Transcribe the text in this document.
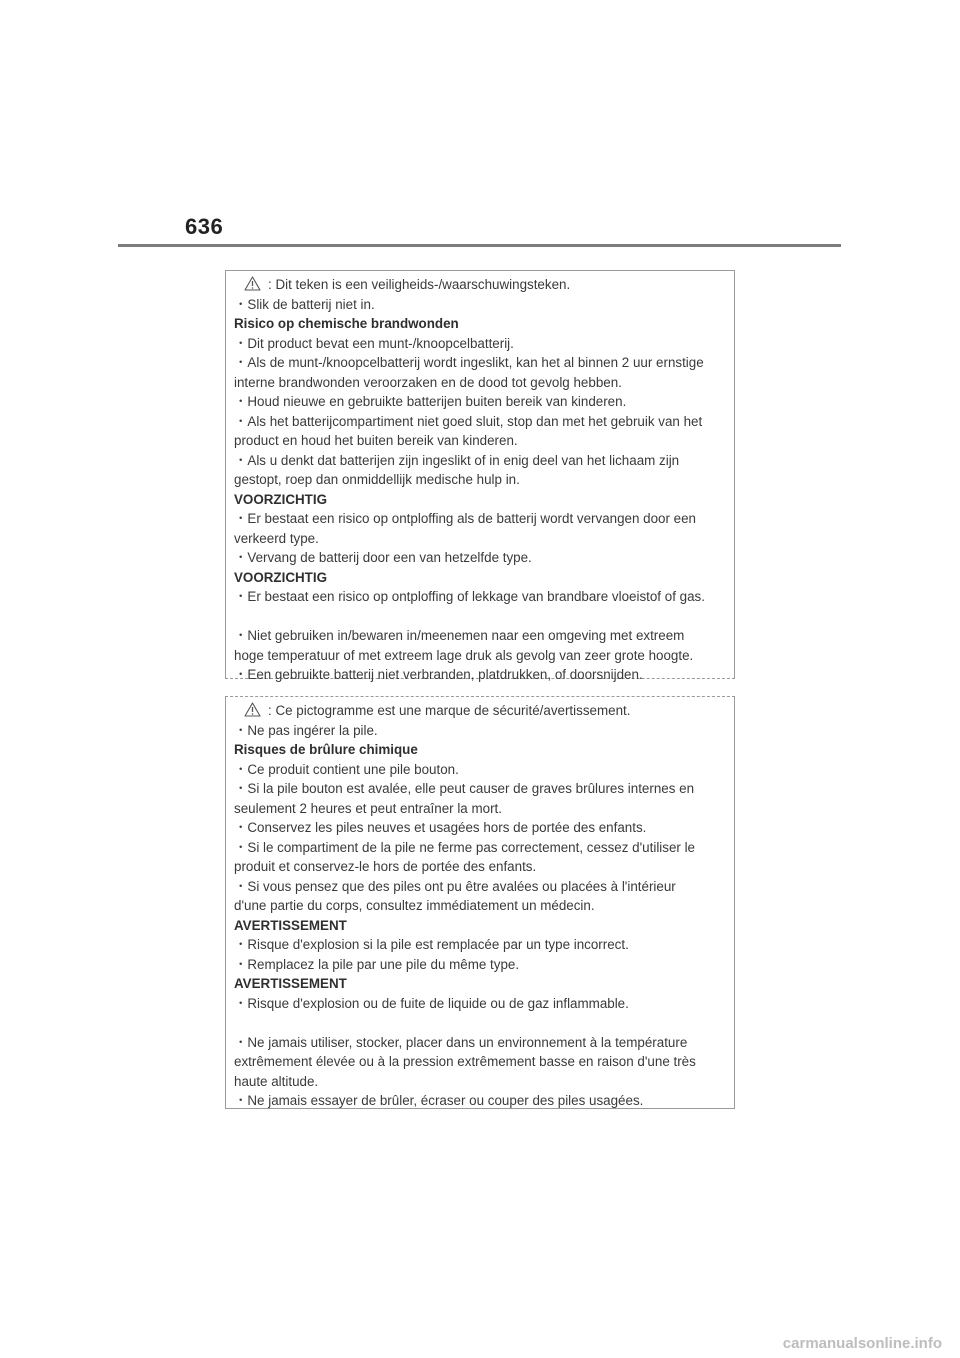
636
: Dit teken is een veiligheids-/waarschuwingsteken.
・Slik de batterij niet in.
Risico op chemische brandwonden
・Dit product bevat een munt-/knoopcelbatterij.
・Als de munt-/knoopcelbatterij wordt ingeslikt, kan het al binnen 2 uur ernstige
interne brandwonden veroorzaken en de dood tot gevolg hebben.
・Houd nieuwe en gebruikte batterijen buiten bereik van kinderen.
・Als het batterijcompartiment niet goed sluit, stop dan met het gebruik van het
product en houd het buiten bereik van kinderen.
・Als u denkt dat batterijen zijn ingeslikt of in enig deel van het lichaam zijn
gestopt, roep dan onmiddellijk medische hulp in.
VOORZICHTIG
・Er bestaat een risico op ontploffing als de batterij wordt vervangen door een
verkeerd type.
・Vervang de batterij door een van hetzelfde type.
VOORZICHTIG
・Er bestaat een risico op ontploffing of lekkage van brandbare vloeistof of gas.
・Niet gebruiken in/bewaren in/meenemen naar een omgeving met extreem
hoge temperatuur of met extreem lage druk als gevolg van zeer grote hoogte.
・Een gebruikte batterij niet verbranden, platdrukken, of doorsnijden.
: Ce pictogramme est une marque de sécurité/avertissement.
・Ne pas ingérer la pile.
Risques de brûlure chimique
・Ce produit contient une pile bouton.
・Si la pile bouton est avalée, elle peut causer de graves brûlures internes en
seulement 2 heures et peut entraîner la mort.
・Conservez les piles neuves et usagées hors de portée des enfants.
・Si le compartiment de la pile ne ferme pas correctement, cessez d'utiliser le
produit et conservez-le hors de portée des enfants.
・Si vous pensez que des piles ont pu être avalées ou placées à l'intérieur
d'une partie du corps, consultez immédiatement un médecin.
AVERTISSEMENT
・Risque d'explosion si la pile est remplacée par un type incorrect.
・Remplacez la pile par une pile du même type.
AVERTISSEMENT
・Risque d'explosion ou de fuite de liquide ou de gaz inflammable.
・Ne jamais utiliser, stocker, placer dans un environnement à la température
extrêmement élevée ou à la pression extrêmement basse en raison d'une très
haute altitude.
・Ne jamais essayer de brûler, écraser ou couper des piles usagées.
carmanualsonline.info
